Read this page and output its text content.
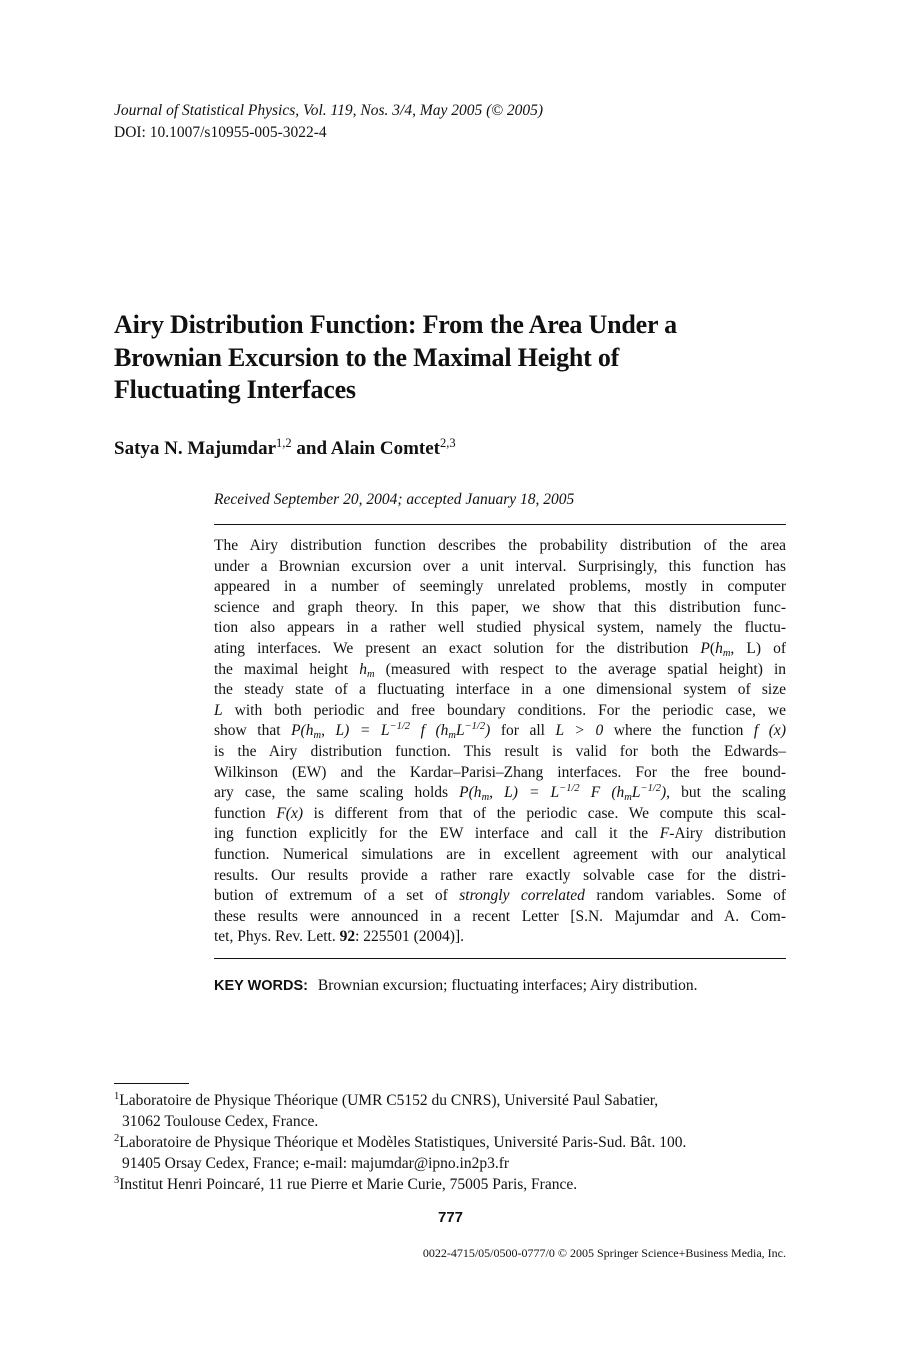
Journal of Statistical Physics, Vol. 119, Nos. 3/4, May 2005 (© 2005)
DOI: 10.1007/s10955-005-3022-4
Airy Distribution Function: From the Area Under a
Brownian Excursion to the Maximal Height of
Fluctuating Interfaces
Satya N. Majumdar$^{1,2}$ and Alain Comtet$^{2,3}$
Received September 20, 2004; accepted January 18, 2005
The Airy distribution function describes the probability distribution of the area
under a Brownian excursion over a unit interval. Surprisingly, this function has
appeared in a number of seemingly unrelated problems, mostly in computer
science and graph theory. In this paper, we show that this distribution func-
tion also appears in a rather well studied physical system, namely the fluctu-
ating interfaces. We present an exact solution for the distribution $P(h_m$, L) of
the maximal height $h_m$ (measured with respect to the average spatial height) in
the steady state of a fluctuating interface in a one dimensional system of size
L with both periodic and free boundary conditions. For the periodic case, we
show that $P(h_m$, $L) = L^{-1/2}$ f $(h_mL^{-1/2})$ for all L > 0 where the function f (x)
is the Airy distribution function. This result is valid for both the Edwards–
Wilkinson (EW) and the Kardar–Parisi–Zhang interfaces. For the free bound-
ary case, the same scaling holds $P(h_m$, $L) = L^{-1/2}$ F $(h_mL^{-1/2})$, but the scaling
function F(x) is different from that of the periodic case. We compute this scal-
ing function explicitly for the EW interface and call it the F-Airy distribution
function. Numerical simulations are in excellent agreement with our analytical
results. Our results provide a rather rare exactly solvable case for the distri-
bution of extremum of a set of strongly correlated random variables. Some of
these results were announced in a recent Letter [S.N. Majumdar and A. Com-
tet, Phys. Rev. Lett. 92: 225501 (2004)].
KEY WORDS: Brownian excursion; fluctuating interfaces; Airy distribution.
$^1$Laboratoire de Physique Théorique (UMR C5152 du CNRS), Université Paul Sabatier,
31062 Toulouse Cedex, France.
$^2$Laboratoire de Physique Théorique et Modèles Statistiques, Université Paris-Sud. Bât. 100.
91405 Orsay Cedex, France; e-mail: majumdar@ipno.in2p3.fr
$^3$Institut Henri Poincaré, 11 rue Pierre et Marie Curie, 75005 Paris, France.
777
0022-4715/05/0500-0777/0 © 2005 Springer Science+Business Media, Inc.
